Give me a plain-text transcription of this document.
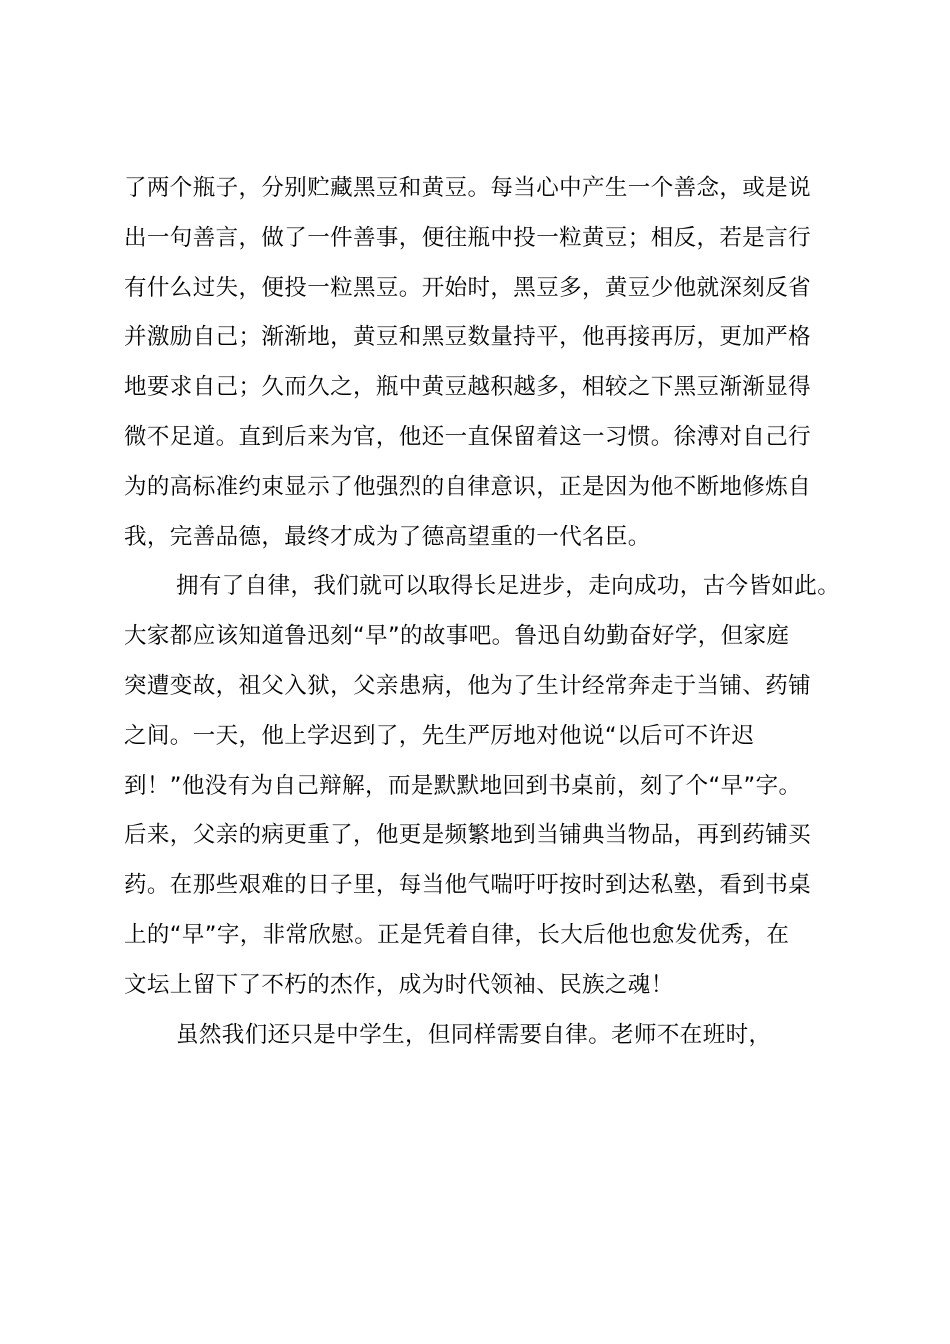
了两个瓶子，分别贮藏黑豆和黄豆。每当心中产生一个善念，或是说
出一句善言，做了一件善事，便往瓶中投一粒黄豆；相反，若是言行
有什么过失，便投一粒黑豆。开始时，黑豆多，黄豆少他就深刻反省
并激励自己；渐渐地，黄豆和黑豆数量持平，他再接再厉，更加严格
地要求自己；久而久之，瓶中黄豆越积越多，相较之下黑豆渐渐显得
微不足道。直到后来为官，他还一直保留着这一习惯。徐溥对自己行
为的高标准约束显示了他强烈的自律意识，正是因为他不断地修炼自
我，完善品德，最终才成为了德高望重的一代名臣。
拥有了自律，我们就可以取得长足进步，走向成功，古今皆如此。
大家都应该知道鲁迅刻“早”的故事吧。鲁迅自幼勤奋好学，但家庭
突遭变故，祖父入狱，父亲患病，他为了生计经常奔走于当铺、药铺
之间。一天，他上学迟到了，先生严厉地对他说“以后可不许迟
到！”他没有为自己辩解，而是默默地回到书桌前，刻了个“早”字。
后来，父亲的病更重了，他更是频繁地到当铺典当物品，再到药铺买
药。在那些艰难的日子里，每当他气喘吁吁按时到达私塾，看到书桌
上的“早”字，非常欣慰。正是凭着自律，长大后他也愈发优秀，在
文坛上留下了不朽的杰作，成为时代领袖、民族之魂！
虽然我们还只是中学生，但同样需要自律。老师不在班时，
